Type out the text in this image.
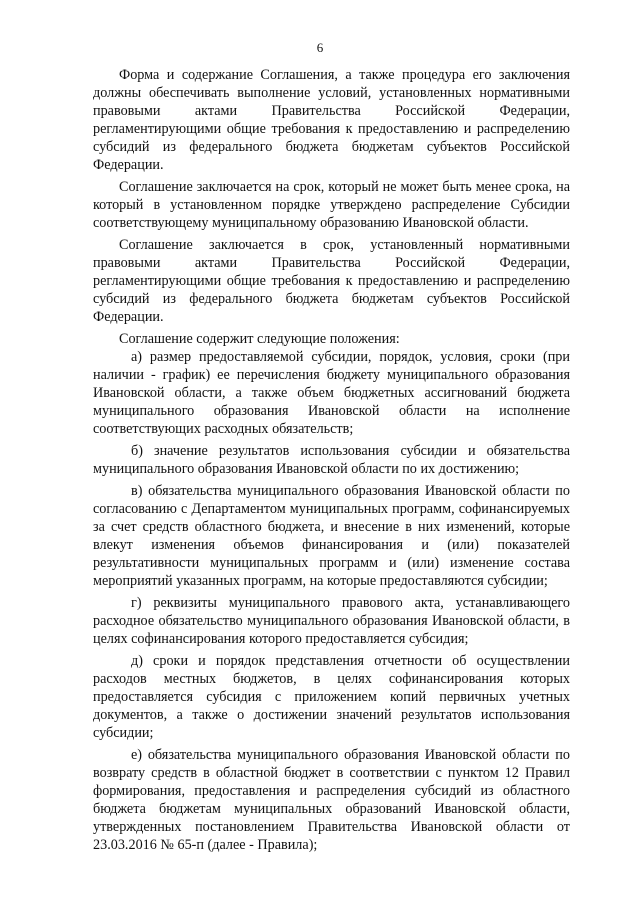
6

Форма и содержание Соглашения, а также процедура его заключения должны обеспечивать выполнение условий, установленных нормативными правовыми актами Правительства Российской Федерации, регламентирующими общие требования к предоставлению и распределению субсидий из федерального бюджета бюджетам субъектов Российской Федерации.

Соглашение заключается на срок, который не может быть менее срока, на который в установленном порядке утверждено распределение Субсидии соответствующему муниципальному образованию Ивановской области.

Соглашение заключается в срок, установленный нормативными правовыми актами Правительства Российской Федерации, регламентирующими общие требования к предоставлению и распределению субсидий из федерального бюджета бюджетам субъектов Российской Федерации.

Соглашение содержит следующие положения:

а) размер предоставляемой субсидии, порядок, условия, сроки (при наличии - график) ее перечисления бюджету муниципального образования Ивановской области, а также объем бюджетных ассигнований бюджета муниципального образования Ивановской области на исполнение соответствующих расходных обязательств;

б) значение результатов использования субсидии и обязательства муниципального образования Ивановской области по их достижению;

в) обязательства муниципального образования Ивановской области по согласованию с Департаментом муниципальных программ, софинансируемых за счет средств областного бюджета, и внесение в них изменений, которые влекут изменения объемов финансирования и (или) показателей результативности муниципальных программ и (или) изменение состава мероприятий указанных программ, на которые предоставляются субсидии;

г) реквизиты муниципального правового акта, устанавливающего расходное обязательство муниципального образования Ивановской области, в целях софинансирования которого предоставляется субсидия;

д) сроки и порядок представления отчетности об осуществлении расходов местных бюджетов, в целях софинансирования которых предоставляется субсидия с приложением копий первичных учетных документов, а также о достижении значений результатов использования субсидии;

е) обязательства муниципального образования Ивановской области по возврату средств в областной бюджет в соответствии с пунктом 12 Правил формирования, предоставления и распределения субсидий из областного бюджета бюджетам муниципальных образований Ивановской области, утвержденных постановлением Правительства Ивановской области от 23.03.2016 № 65-п (далее - Правила);
